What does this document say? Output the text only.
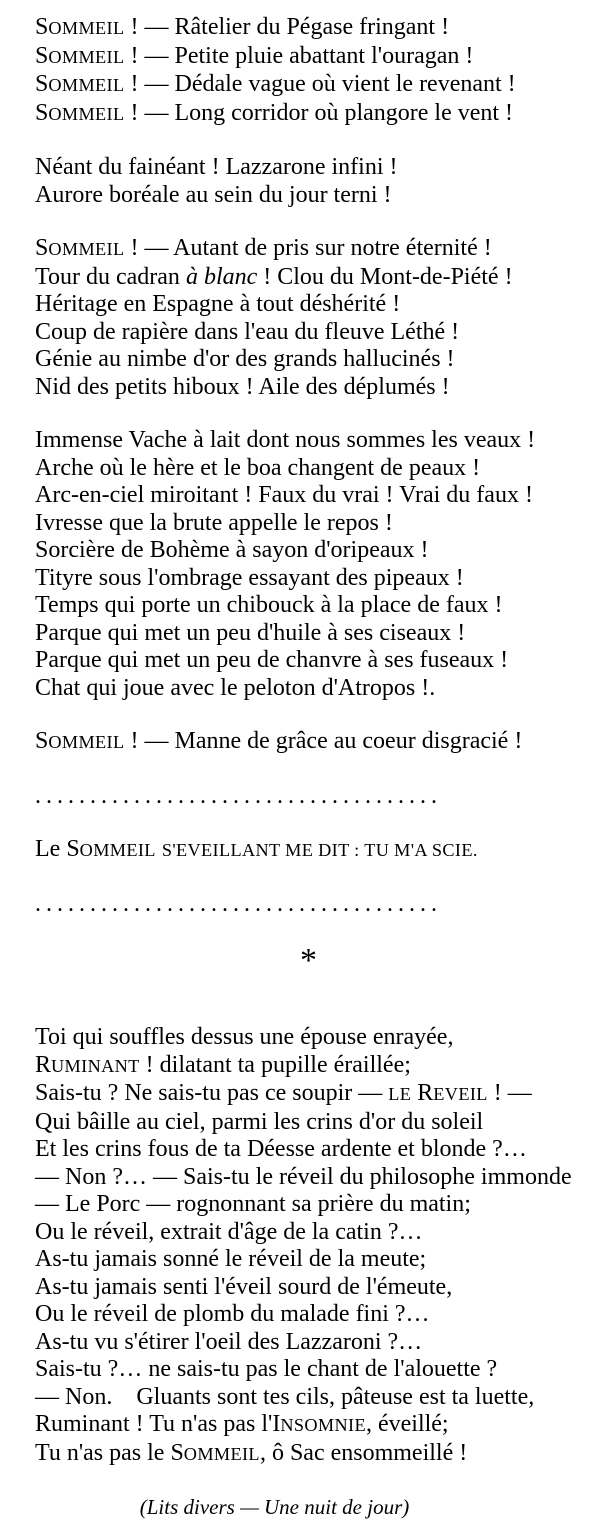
SOMMEIL ! — Râtelier du Pégase fringant !
SOMMEIL ! — Petite pluie abattant l'ouragan !
SOMMEIL ! — Dédale vague où vient le revenant !
SOMMEIL ! — Long corridor où plangore le vent !
Néant du fainéant ! Lazzarone infini !
Aurore boréale au sein du jour terni !
SOMMEIL ! — Autant de pris sur notre éternité !
Tour du cadran à blanc ! Clou du Mont-de-Piété !
Héritage en Espagne à tout déshérité !
Coup de rapière dans l'eau du fleuve Léthé !
Génie au nimbe d'or des grands hallucinés !
Nid des petits hiboux ! Aile des déplumés !
Immense Vache à lait dont nous sommes les veaux !
Arche où le hère et le boa changent de peaux !
Arc-en-ciel miroitant ! Faux du vrai ! Vrai du faux !
Ivresse que la brute appelle le repos !
Sorcière de Bohème à sayon d'oripeaux !
Tityre sous l'ombrage essayant des pipeaux !
Temps qui porte un chibouck à la place de faux !
Parque qui met un peu d'huile à ses ciseaux !
Parque qui met un peu de chanvre à ses fuseaux !
Chat qui joue avec le peloton d'Atropos !.
SOMMEIL ! — Manne de grâce au coeur disgracié !
. . . . . . . . . . . . . . . . . . . . . . . . . . . . . . . . . . . . .
Le SOMMEIL S'EVEILLANT ME DIT : TU M'A SCIE.
. . . . . . . . . . . . . . . . . . . . . . . . . . . . . . . . . . . . .
*
Toi qui souffles dessus une épouse enrayée,
RUMINANT ! dilatant ta pupille éraillée;
Sais-tu ? Ne sais-tu pas ce soupir — LE REVEIL ! —
Qui bâille au ciel, parmi les crins d'or du soleil
Et les crins fous de ta Déesse ardente et blonde ?…
— Non ?… — Sais-tu le réveil du philosophe immonde
— Le Porc — rognonnant sa prière du matin;
Ou le réveil, extrait d'âge de la catin ?…
As-tu jamais sonné le réveil de la meute;
As-tu jamais senti l'éveil sourd de l'émeute,
Ou le réveil de plomb du malade fini ?…
As-tu vu s'étirer l'oeil des Lazzaroni ?…
Sais-tu ?… ne sais-tu pas le chant de l'alouette ?
— Non.    Gluants sont tes cils, pâteuse est ta luette,
Ruminant ! Tu n'as pas l'INSOMNIE, éveillé;
Tu n'as pas le SOMMEIL, ô Sac ensommeillé !
(Lits divers — Une nuit de jour)
